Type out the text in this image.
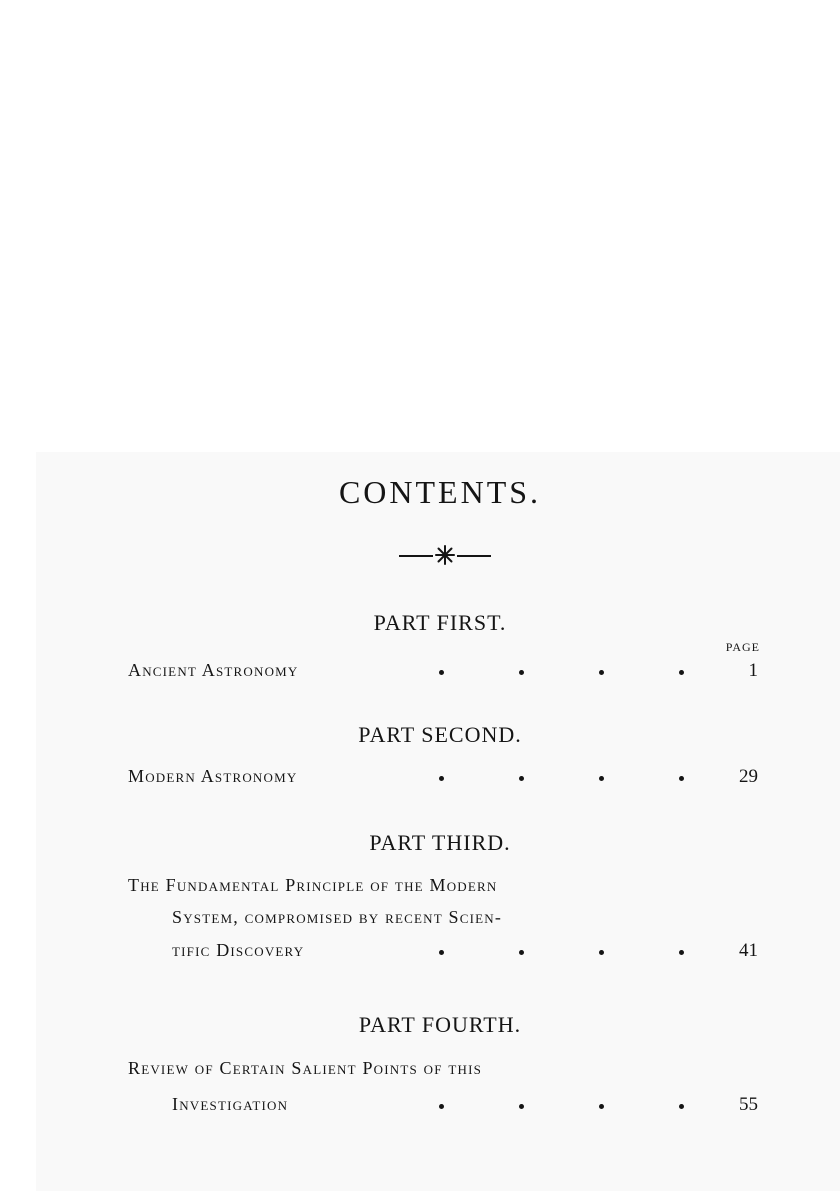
CONTENTS.
PAGE
PART FIRST.
Ancient Astronomy	1
PART SECOND.
Modern Astronomy	29
PART THIRD.
The Fundamental Principle of the Modern
System, compromised by recent Scien-
tific Discovery	41
PART FOURTH.
Review of Certain Salient Points of this
Investigation	55
